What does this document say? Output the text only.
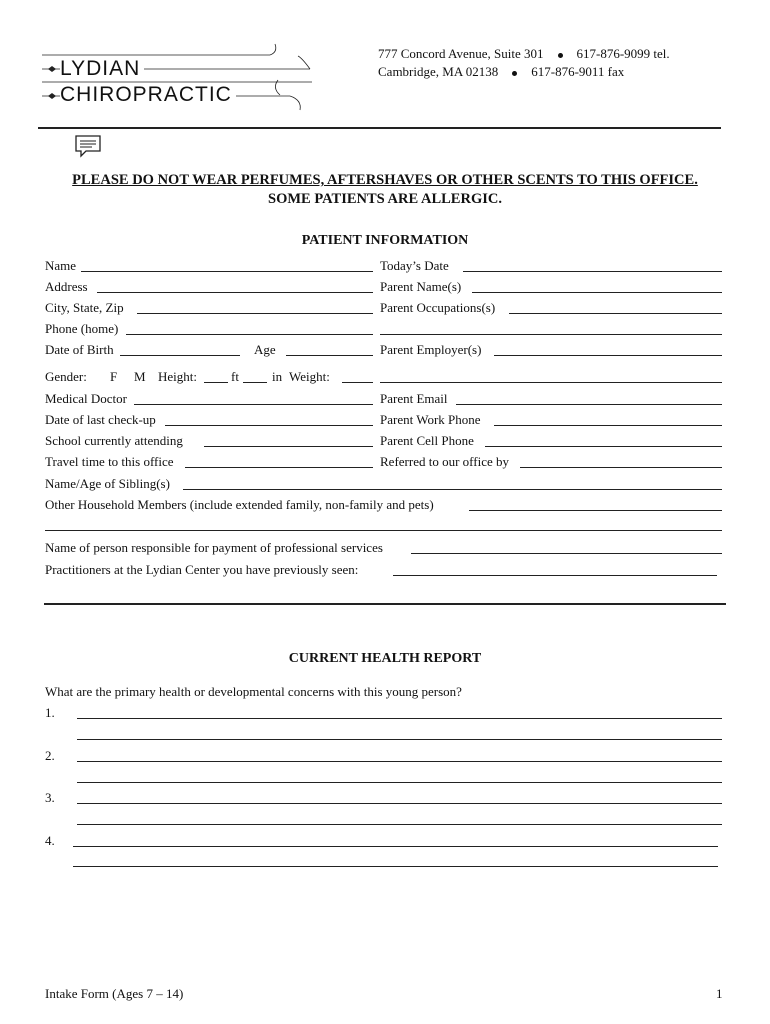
LYDIAN
CHIROPRACTIC
777 Concord Avenue, Suite 301	617-876-9099 tel.
Cambridge, MA 02138	617-876-9011 fax
PLEASE DO NOT WEAR PERFUMES, AFTERSHAVES OR OTHER SCENTS TO THIS OFFICE.
SOME PATIENTS ARE ALLERGIC.
PATIENT INFORMATION
Name	Today’s Date
Address	Parent Name(s)
City, State, Zip	Parent Occupations(s)
Phone (home)
Date of Birth	Age	Parent Employer(s)
Gender: F M Height:	ft	in Weight:
Medical Doctor	Parent Email
Date of last check-up	Parent Work Phone
School currently attending	Parent Cell Phone
Travel time to this office	Referred to our office by
Name/Age of Sibling(s)
Other Household Members (include extended family, non-family and pets)
Name of person responsible for payment of professional services
Practitioners at the Lydian Center you have previously seen:
CURRENT HEALTH REPORT
What are the primary health or developmental concerns with this young person?
1.
2.
3.
4.
Intake Form (Ages 7 – 14)	1
